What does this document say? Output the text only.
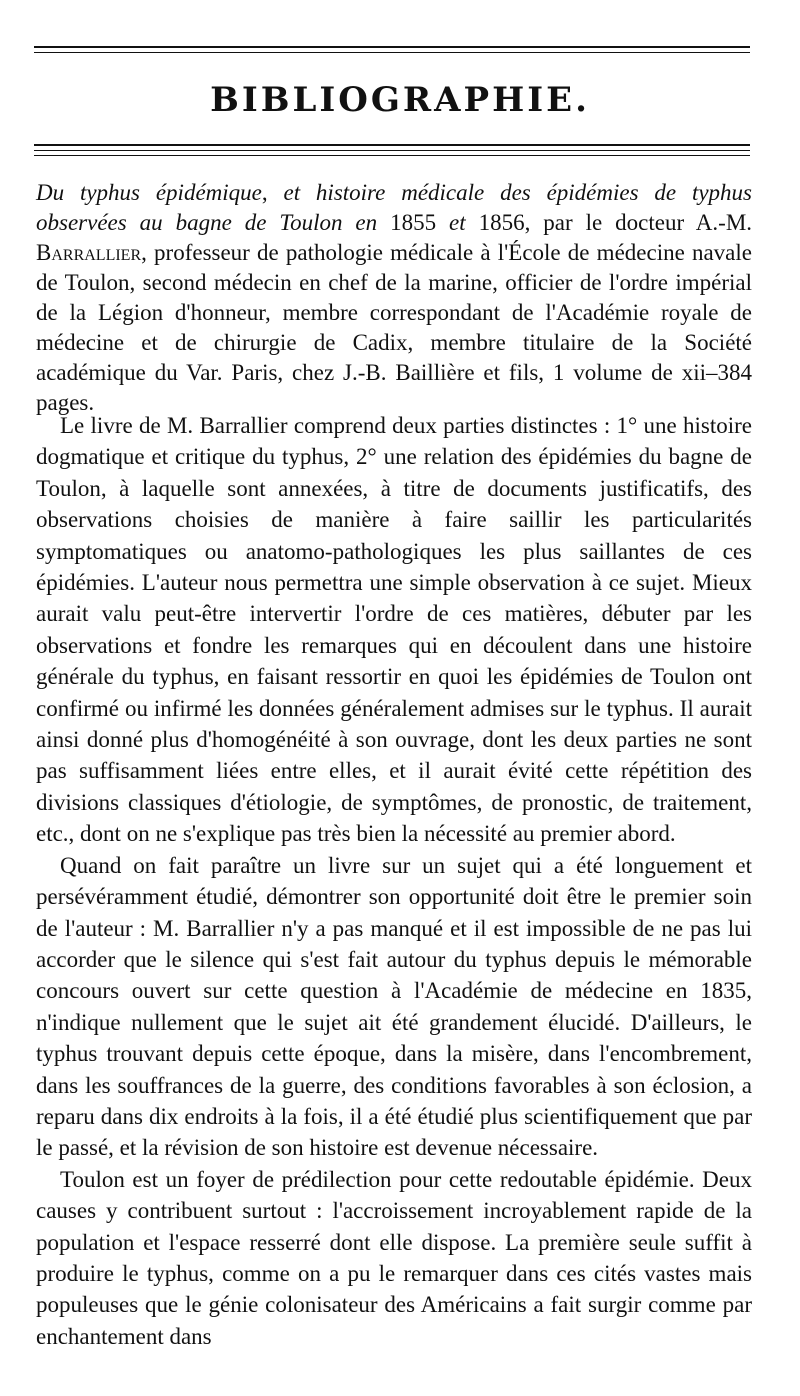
BIBLIOGRAPHIE.
Du typhus épidémique, et histoire médicale des épidémies de typhus observées au bagne de Toulon en 1855 et 1856, par le docteur A.-M. Barrallier, professeur de pathologie médicale à l'École de médecine navale de Toulon, second médecin en chef de la marine, officier de l'ordre impérial de la Légion d'honneur, membre correspondant de l'Académie royale de médecine et de chirurgie de Cadix, membre titulaire de la Société académique du Var. Paris, chez J.-B. Baillière et fils, 1 volume de xii–384 pages.

Le livre de M. Barrallier comprend deux parties distinctes : 1° une histoire dogmatique et critique du typhus, 2° une relation des épidémies du bagne de Toulon, à laquelle sont annexées, à titre de documents justificatifs, des observations choisies de manière à faire saillir les particularités symptomatiques ou anatomo-pathologiques les plus saillantes de ces épidémies. L'auteur nous permettra une simple observation à ce sujet. Mieux aurait valu peut-être intervertir l'ordre de ces matières, débuter par les observations et fondre les remarques qui en découlent dans une histoire générale du typhus, en faisant ressortir en quoi les épidémies de Toulon ont confirmé ou infirmé les données généralement admises sur le typhus. Il aurait ainsi donné plus d'homogénéité à son ouvrage, dont les deux parties ne sont pas suffisamment liées entre elles, et il aurait évité cette répétition des divisions classiques d'étiologie, de symptômes, de pronostic, de traitement, etc., dont on ne s'explique pas très bien la nécessité au premier abord.

Quand on fait paraître un livre sur un sujet qui a été longuement et persévéramment étudié, démontrer son opportunité doit être le premier soin de l'auteur : M. Barrallier n'y a pas manqué et il est impossible de ne pas lui accorder que le silence qui s'est fait autour du typhus depuis le mémorable concours ouvert sur cette question à l'Académie de médecine en 1835, n'indique nullement que le sujet ait été grandement élucidé. D'ailleurs, le typhus trouvant depuis cette époque, dans la misère, dans l'encombrement, dans les souffrances de la guerre, des conditions favorables à son éclosion, a reparu dans dix endroits à la fois, il a été étudié plus scientifiquement que par le passé, et la révision de son histoire est devenue nécessaire.

Toulon est un foyer de prédilection pour cette redoutable épidémie. Deux causes y contribuent surtout : l'accroissement incroyablement rapide de la population et l'espace resserré dont elle dispose. La première seule suffit à produire le typhus, comme on a pu le remarquer dans ces cités vastes mais populeuses que le génie colonisateur des Américains a fait surgir comme par enchantement dans
